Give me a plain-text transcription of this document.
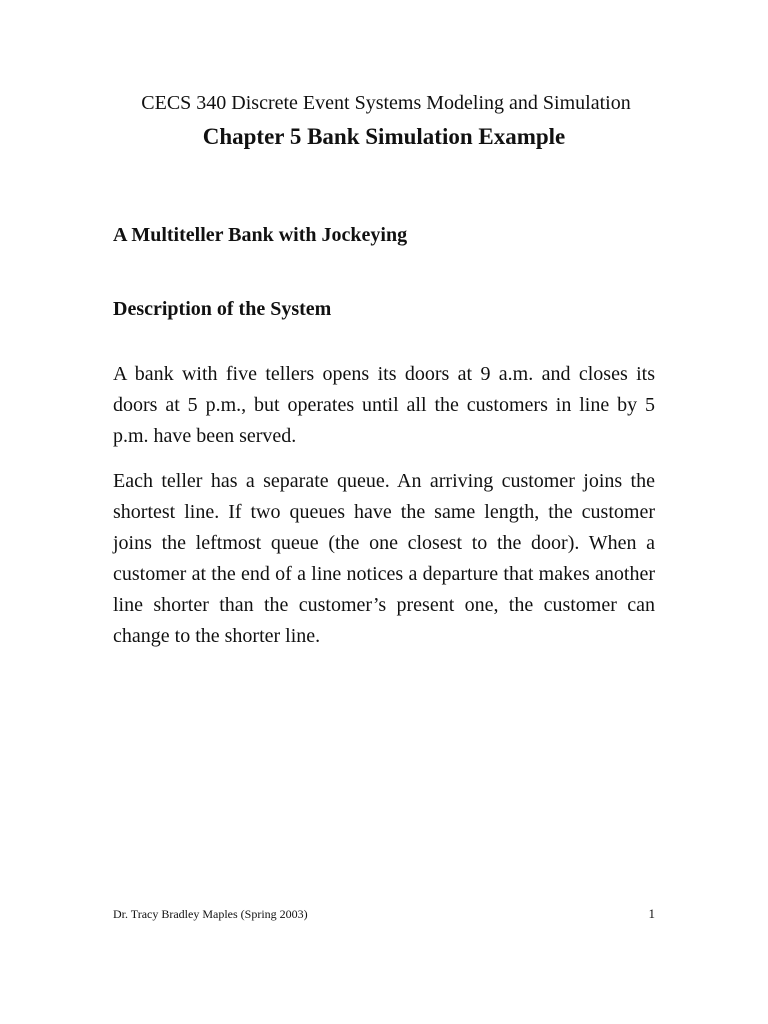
CECS 340 Discrete Event Systems Modeling and Simulation
Chapter 5 Bank Simulation Example
A Multiteller Bank with Jockeying
Description of the System

A bank with five tellers opens its doors at 9 a.m. and closes its doors at 5 p.m., but operates until all the customers in line by 5 p.m. have been served.

Each teller has a separate queue. An arriving customer joins the shortest line. If two queues have the same length, the customer joins the leftmost queue (the one closest to the door). When a customer at the end of a line notices a departure that makes another line shorter than the customer’s present one, the customer can change to the shorter line.

Dr. Tracy Bradley Maples (Spring 2003)	1
